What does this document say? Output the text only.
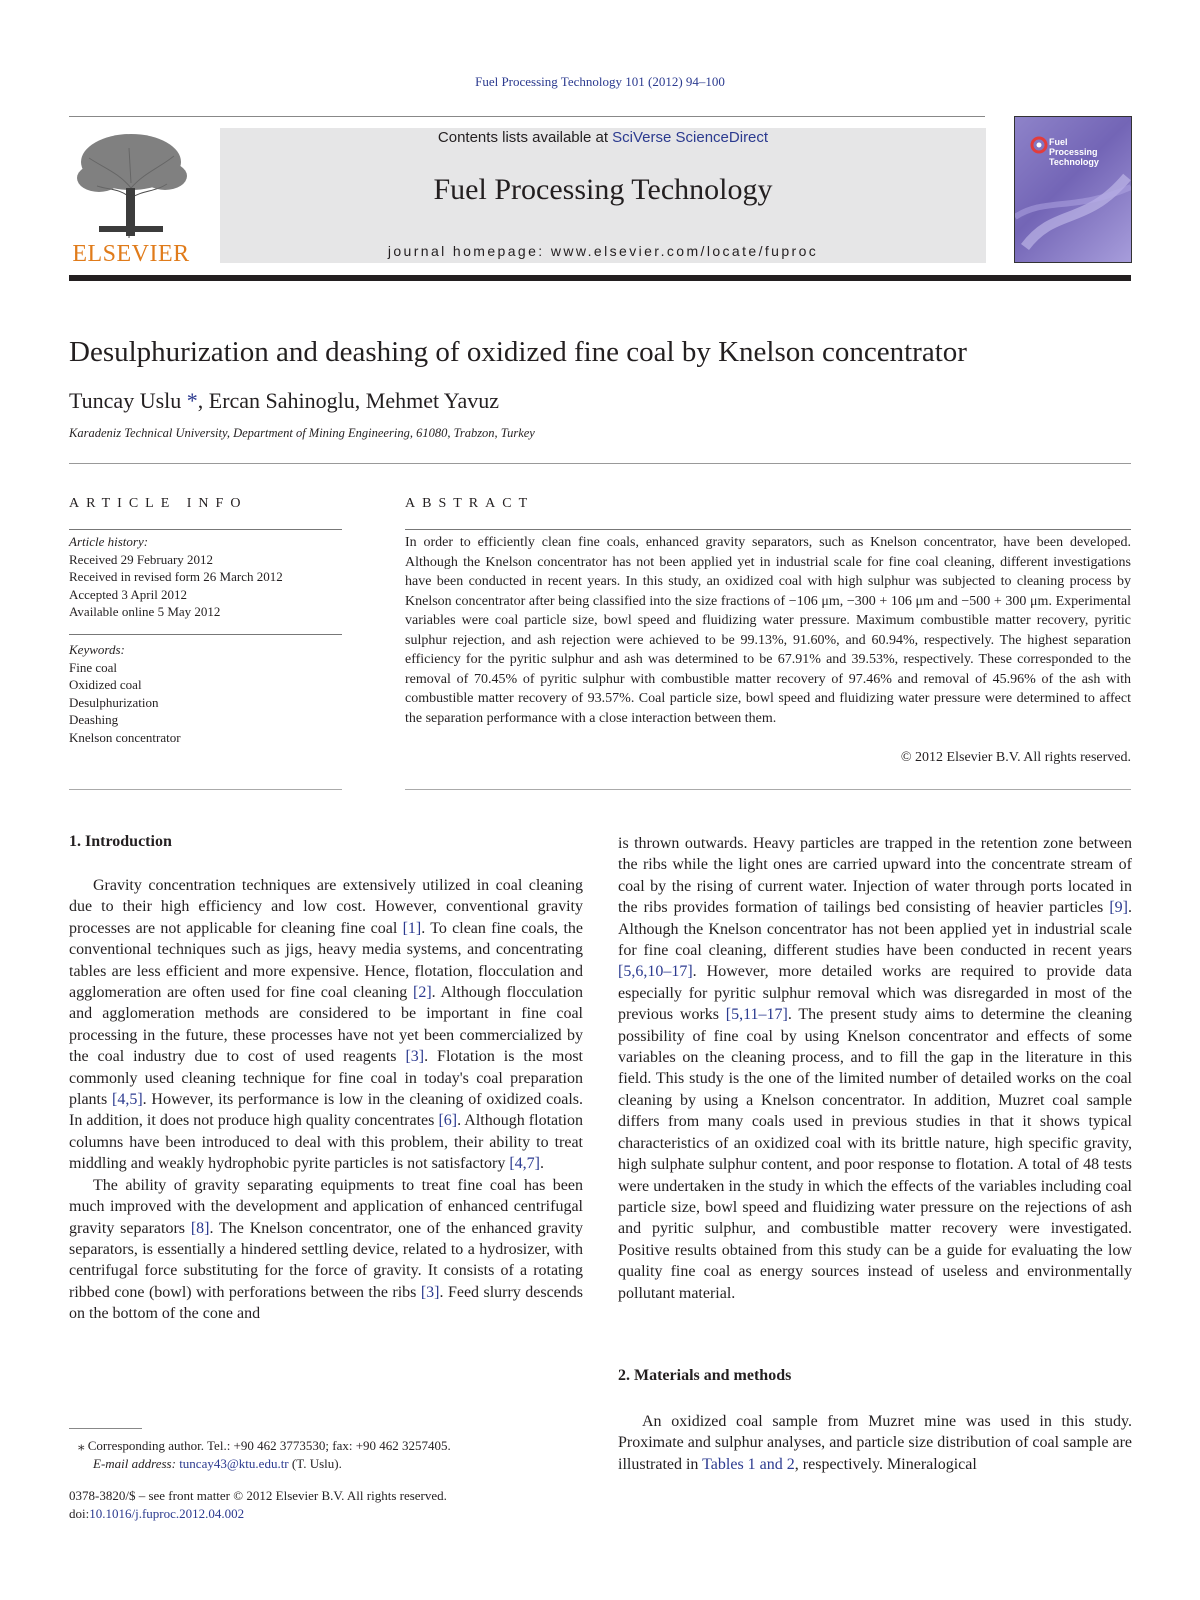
Fuel Processing Technology 101 (2012) 94–100
ELSEVIER
Contents lists available at SciVerse ScienceDirect
Fuel Processing Technology
journal homepage: www.elsevier.com/locate/fuproc
Fuel
Processing
Technology
Desulphurization and deashing of oxidized fine coal by Knelson concentrator
Tuncay Uslu *, Ercan Sahinoglu, Mehmet Yavuz
Karadeniz Technical University, Department of Mining Engineering, 61080, Trabzon, Turkey
ARTICLE INFO
Article history:
Received 29 February 2012
Received in revised form 26 March 2012
Accepted 3 April 2012
Available online 5 May 2012
Keywords:
Fine coal
Oxidized coal
Desulphurization
Deashing
Knelson concentrator
ABSTRACT
In order to efficiently clean fine coals, enhanced gravity separators, such as Knelson concentrator, have been developed. Although the Knelson concentrator has not been applied yet in industrial scale for fine coal cleaning, different investigations have been conducted in recent years. In this study, an oxidized coal with high sulphur was subjected to cleaning process by Knelson concentrator after being classified into the size fractions of −106 μm, −300 + 106 μm and −500 + 300 μm. Experimental variables were coal particle size, bowl speed and fluidizing water pressure. Maximum combustible matter recovery, pyritic sulphur rejection, and ash rejection were achieved to be 99.13%, 91.60%, and 60.94%, respectively. The highest separation efficiency for the pyritic sulphur and ash was determined to be 67.91% and 39.53%, respectively. These corresponded to the removal of 70.45% of pyritic sulphur with combustible matter recovery of 97.46% and removal of 45.96% of the ash with combustible matter recovery of 93.57%. Coal particle size, bowl speed and fluidizing water pressure were determined to affect the separation performance with a close interaction between them.
© 2012 Elsevier B.V. All rights reserved.
1. Introduction

Gravity concentration techniques are extensively utilized in coal cleaning due to their high efficiency and low cost. However, conventional gravity processes are not applicable for cleaning fine coal [1]. To clean fine coals, the conventional techniques such as jigs, heavy media systems, and concentrating tables are less efficient and more expensive. Hence, flotation, flocculation and agglomeration are often used for fine coal cleaning [2]. Although flocculation and agglomeration methods are considered to be important in fine coal processing in the future, these processes have not yet been commercialized by the coal industry due to cost of used reagents [3]. Flotation is the most commonly used cleaning technique for fine coal in today's coal preparation plants [4,5]. However, its performance is low in the cleaning of oxidized coals. In addition, it does not produce high quality concentrates [6]. Although flotation columns have been introduced to deal with this problem, their ability to treat middling and weakly hydrophobic pyrite particles is not satisfactory [4,7].

The ability of gravity separating equipments to treat fine coal has been much improved with the development and application of enhanced centrifugal gravity separators [8]. The Knelson concentrator, one of the enhanced gravity separators, is essentially a hindered settling device, related to a hydrosizer, with centrifugal force substituting for the force of gravity. It consists of a rotating ribbed cone (bowl) with perforations between the ribs [3]. Feed slurry descends on the bottom of the cone and

is thrown outwards. Heavy particles are trapped in the retention zone between the ribs while the light ones are carried upward into the concentrate stream of coal by the rising of current water. Injection of water through ports located in the ribs provides formation of tailings bed consisting of heavier particles [9]. Although the Knelson concentrator has not been applied yet in industrial scale for fine coal cleaning, different studies have been conducted in recent years [5,6,10–17]. However, more detailed works are required to provide data especially for pyritic sulphur removal which was disregarded in most of the previous works [5,11–17]. The present study aims to determine the cleaning possibility of fine coal by using Knelson concentrator and effects of some variables on the cleaning process, and to fill the gap in the literature in this field. This study is the one of the limited number of detailed works on the coal cleaning by using a Knelson concentrator. In addition, Muzret coal sample differs from many coals used in previous studies in that it shows typical characteristics of an oxidized coal with its brittle nature, high specific gravity, high sulphate sulphur content, and poor response to flotation. A total of 48 tests were undertaken in the study in which the effects of the variables including coal particle size, bowl speed and fluidizing water pressure on the rejections of ash and pyritic sulphur, and combustible matter recovery were investigated. Positive results obtained from this study can be a guide for evaluating the low quality fine coal as energy sources instead of useless and environmentally pollutant material.

2. Materials and methods

An oxidized coal sample from Muzret mine was used in this study. Proximate and sulphur analyses, and particle size distribution of coal sample are illustrated in Tables 1 and 2, respectively. Mineralogical

⁎ Corresponding author. Tel.: +90 462 3773530; fax: +90 462 3257405.
E-mail address: tuncay43@ktu.edu.tr (T. Uslu).
0378-3820/$ – see front matter © 2012 Elsevier B.V. All rights reserved.
doi:10.1016/j.fuproc.2012.04.002
